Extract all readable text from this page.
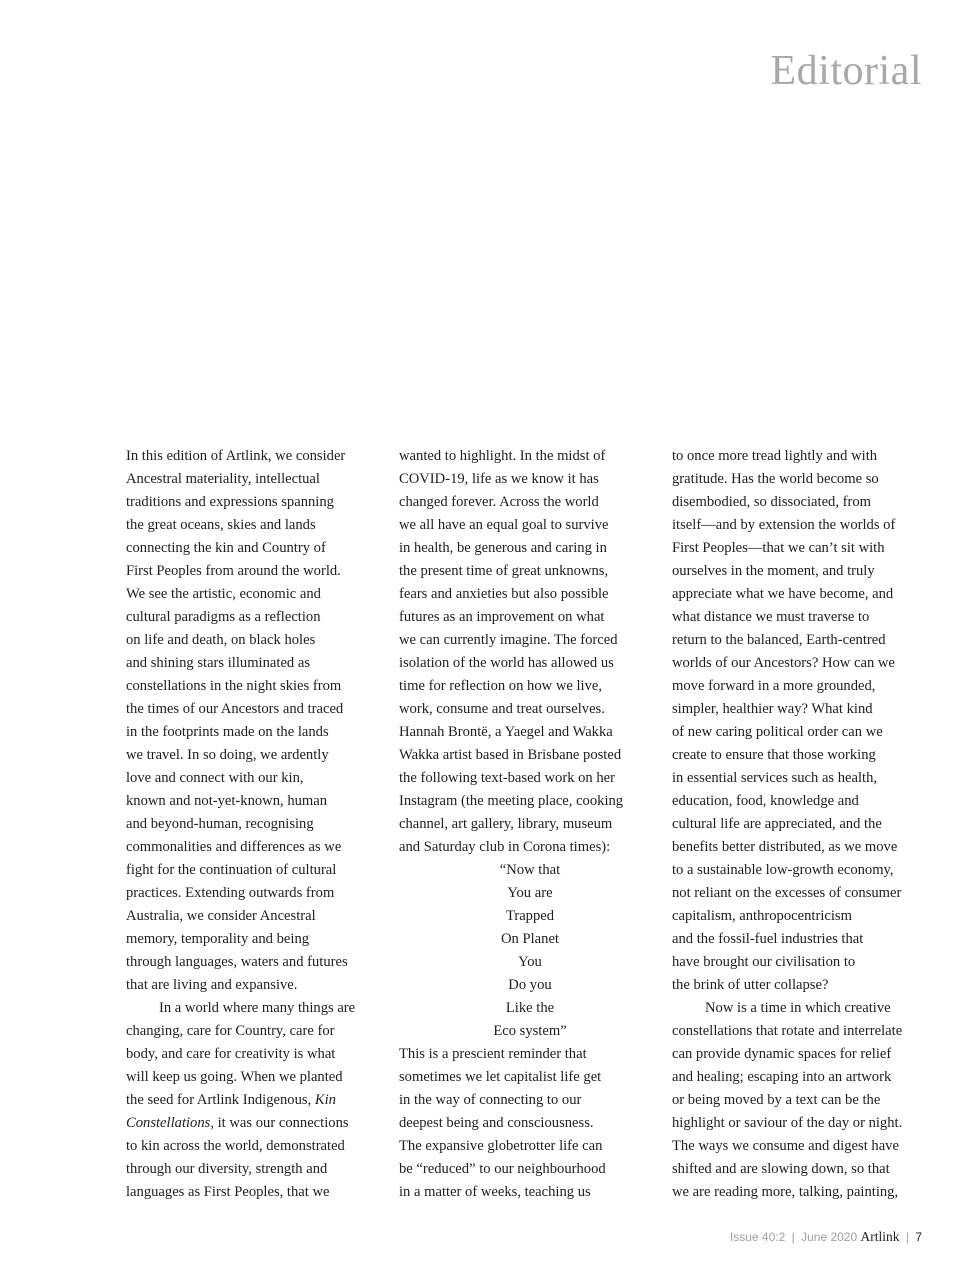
Editorial

In this edition of Artlink, we consider

Ancestral materiality, intellectual

traditions and expressions spanning

the great oceans, skies and lands

connecting the kin and Country of

First Peoples from around the world.

We see the artistic, economic and

cultural paradigms as a reflection

on life and death, on black holes

and shining stars illuminated as

constellations in the night skies from

the times of our Ancestors and traced

in the footprints made on the lands

we travel. In so doing, we ardently

love and connect with our kin,

known and not-yet-known, human

and beyond-human, recognising

commonalities and differences as we

fight for the continuation of cultural

practices. Extending outwards from

Australia, we consider Ancestral

memory, temporality and being

through languages, waters and futures

that are living and expansive.

In a world where many things are

changing, care for Country, care for

body, and care for creativity is what

will keep us going. When we planted

the seed for Artlink Indigenous, Kin

Constellations, it was our connections

to kin across the world, demonstrated

through our diversity, strength and

languages as First Peoples, that we

wanted to highlight. In the midst of

COVID-19, life as we know it has

changed forever. Across the world

we all have an equal goal to survive

in health, be generous and caring in

the present time of great unknowns,

fears and anxieties but also possible

futures as an improvement on what

we can currently imagine. The forced

isolation of the world has allowed us

time for reflection on how we live,

work, consume and treat ourselves.

Hannah Brontë, a Yaegel and Wakka

Wakka artist based in Brisbane posted

the following text-based work on her

Instagram (the meeting place, cooking

channel, art gallery, library, museum

and Saturday club in Corona times):

“Now that

You are

Trapped

On Planet

You

Do you

Like the

Eco system”

This is a prescient reminder that

sometimes we let capitalist life get

in the way of connecting to our

deepest being and consciousness.

The expansive globetrotter life can

be “reduced” to our neighbourhood

in a matter of weeks, teaching us

to once more tread lightly and with

gratitude. Has the world become so

disembodied, so dissociated, from

itself—and by extension the worlds of

First Peoples—that we can’t sit with

ourselves in the moment, and truly

appreciate what we have become, and

what distance we must traverse to

return to the balanced, Earth-centred

worlds of our Ancestors? How can we

move forward in a more grounded,

simpler, healthier way? What kind

of new caring political order can we

create to ensure that those working

in essential services such as health,

education, food, knowledge and

cultural life are appreciated, and the

benefits better distributed, as we move

to a sustainable low-growth economy,

not reliant on the excesses of consumer

capitalism, anthropocentricism

and the fossil-fuel industries that

have brought our civilisation to

the brink of utter collapse?

Now is a time in which creative

constellations that rotate and interrelate

can provide dynamic spaces for relief

and healing; escaping into an artwork

or being moved by a text can be the

highlight or saviour of the day or night.

The ways we consume and digest have

shifted and are slowing down, so that

we are reading more, talking, painting,

Issue 40:2 | June 2020 Artlink | 7
